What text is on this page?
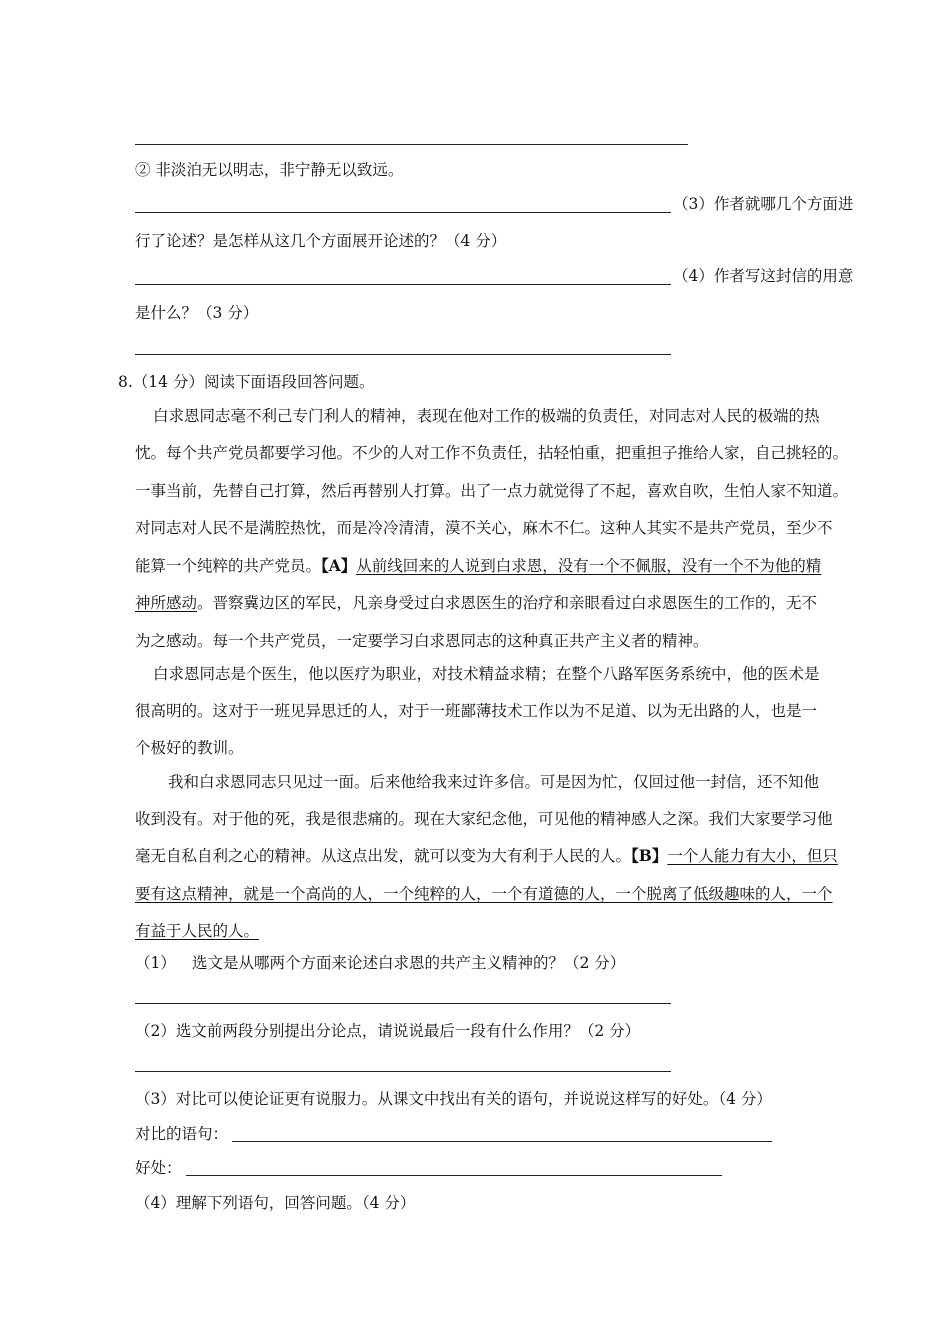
② 非淡泊无以明志，非宁静无以致远。
（3）作者就哪几个方面进
行了论述？是怎样从这几个方面展开论述的？（4 分）
（4）作者写这封信的用意
是什么？（3 分）
8.（14 分）阅读下面语段回答问题。
白求恩同志毫不利己专门利人的精神，表现在他对工作的极端的负责任，对同志对人民的极端的热
忱。每个共产党员都要学习他。不少的人对工作不负责任，拈轻怕重，把重担子推给人家，自己挑轻的。
一事当前，先替自己打算，然后再替别人打算。出了一点力就觉得了不起，喜欢自吹，生怕人家不知道。
对同志对人民不是满腔热忱，而是冷冷清清，漠不关心，麻木不仁。这种人其实不是共产党员，至少不
能算一个纯粹的共产党员。【A】从前线回来的人说到白求恩，没有一个不佩服，没有一个不为他的精
神所感动。晋察冀边区的军民，凡亲身受过白求恩医生的治疗和亲眼看过白求恩医生的工作的，无不
为之感动。每一个共产党员，一定要学习白求恩同志的这种真正共产主义者的精神。
白求恩同志是个医生，他以医疗为职业，对技术精益求精；在整个八路军医务系统中，他的医术是
很高明的。这对于一班见异思迁的人，对于一班鄙薄技术工作以为不足道、以为无出路的人，也是一
个极好的教训。
我和白求恩同志只见过一面。后来他给我来过许多信。可是因为忙，仅回过他一封信，还不知他
收到没有。对于他的死，我是很悲痛的。现在大家纪念他，可见他的精神感人之深。我们大家要学习他
毫无自私自利之心的精神。从这点出发，就可以变为大有利于人民的人。【B】一个人能力有大小，但只
要有这点精神，就是一个高尚的人，一个纯粹的人，一个有道德的人，一个脱离了低级趣味的人，一个
有益于人民的人。
（1） 选文是从哪两个方面来论述白求恩的共产主义精神的？（2 分）
（2）选文前两段分别提出分论点，请说说最后一段有什么作用？（2 分）
（3）对比可以使论证更有说服力。从课文中找出有关的语句，并说说这样写的好处。（4 分）
对比的语句：
好处：
（4）理解下列语句，回答问题。（4 分）
